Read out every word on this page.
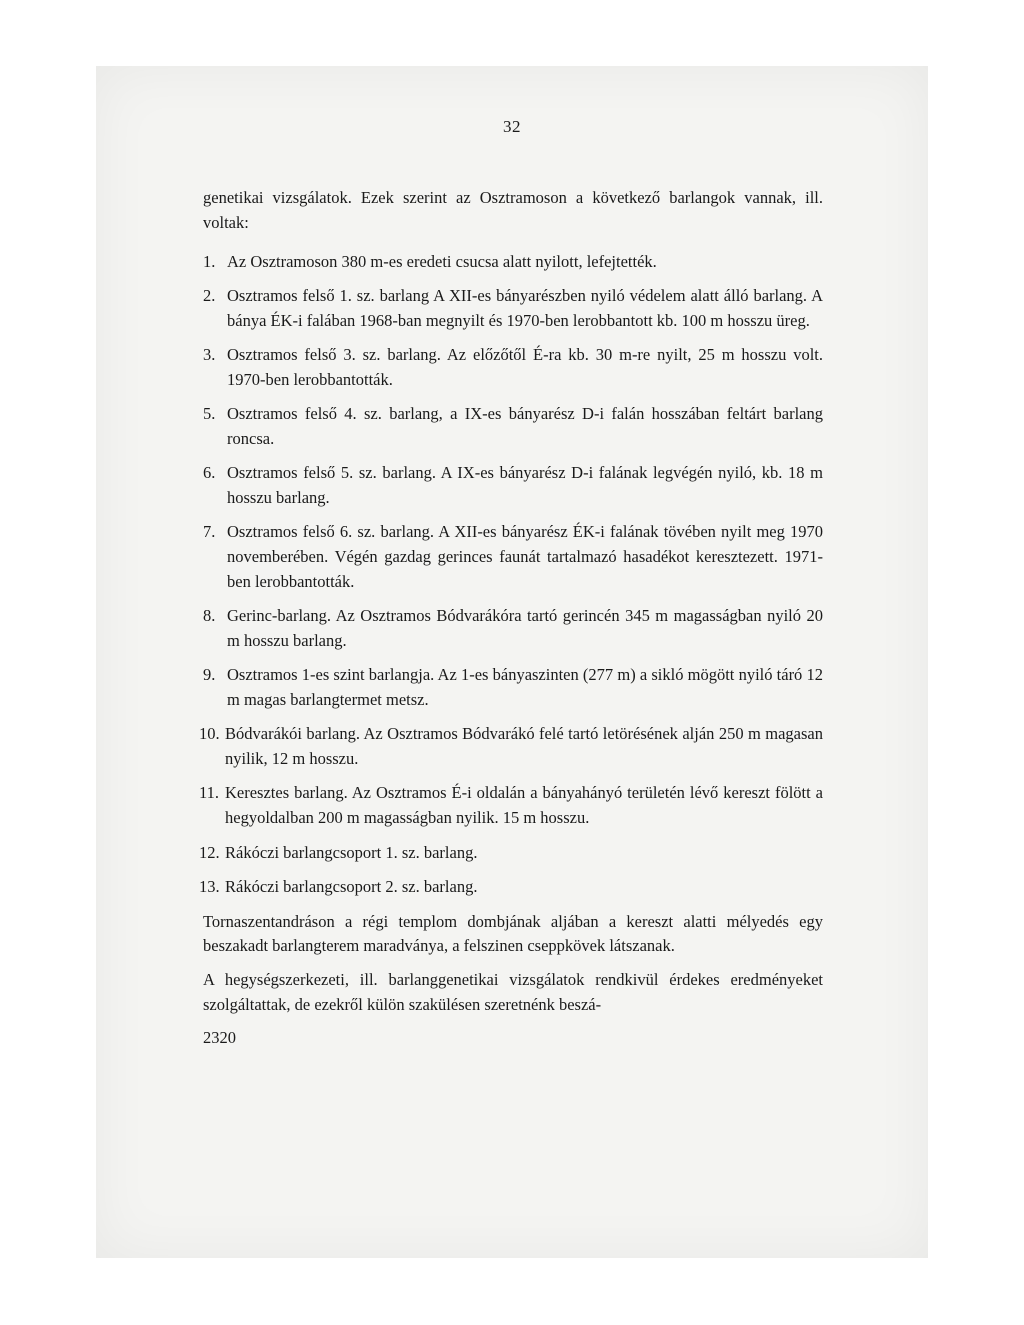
32

genetikai vizsgálatok. Ezek szerint az Osztramoson a következő barlangok vannak, ill. voltak:

1. Az Osztramoson 380 m-es eredeti csucsa alatt nyilott, lefejtették.
2. Osztramos felső 1. sz. barlang A XII-es bányarészben nyiló védelem alatt álló barlang. A bánya ÉK-i falában 1968-ban megnyilt és 1970-ben lerobbantott kb. 100 m hosszu üreg.
3. Osztramos felső 3. sz. barlang. Az előzőtől É-ra kb. 30 m-re nyilt, 25 m hosszu volt. 1970-ben lerobbantották.
5. Osztramos felső 4. sz. barlang, a IX-es bányarész D-i falán hosszában feltárt barlang roncsa.
6. Osztramos felső 5. sz. barlang. A IX-es bányarész D-i falának legvégén nyiló, kb. 18 m hosszu barlang.
7. Osztramos felső 6. sz. barlang. A XII-es bányarész ÉK-i falának tövében nyilt meg 1970 novemberében. Végén gazdag gerinces faunát tartalmazó hasadékot keresztezett. 1971-ben lerobbantották.
8. Gerinc-barlang. Az Osztramos Bódvarákóra tartó gerincén 345 m magasságban nyiló 20 m hosszu barlang.
9. Osztramos 1-es szint barlangja. Az 1-es bányaszinten (277 m) a sikló mögött nyiló táró 12 m magas barlangtermet metsz.
10. Bódvarákói barlang. Az Osztramos Bódvarákó felé tartó letörésének alján 250 m magasan nyilik, 12 m hosszu.
11. Keresztes barlang. Az Osztramos É-i oldalán a bányahányó területén lévő kereszt fölött a hegyoldalban 200 m magasságban nyilik. 15 m hosszu.
12. Rákóczi barlangcsoport 1. sz. barlang.
13. Rákóczi barlangcsoport 2. sz. barlang.

Tornaszentandráson a régi templom dombjának aljában a kereszt alatti mélyedés egy beszakadt barlangterem maradványa, a felszinen cseppkövek látszanak.

A hegységszerkezeti, ill. barlanggenetikai vizsgálatok rendkivül érdekes eredményeket szolgáltattak, de ezekről külön szakülésen szeretnénk beszá-

2320
